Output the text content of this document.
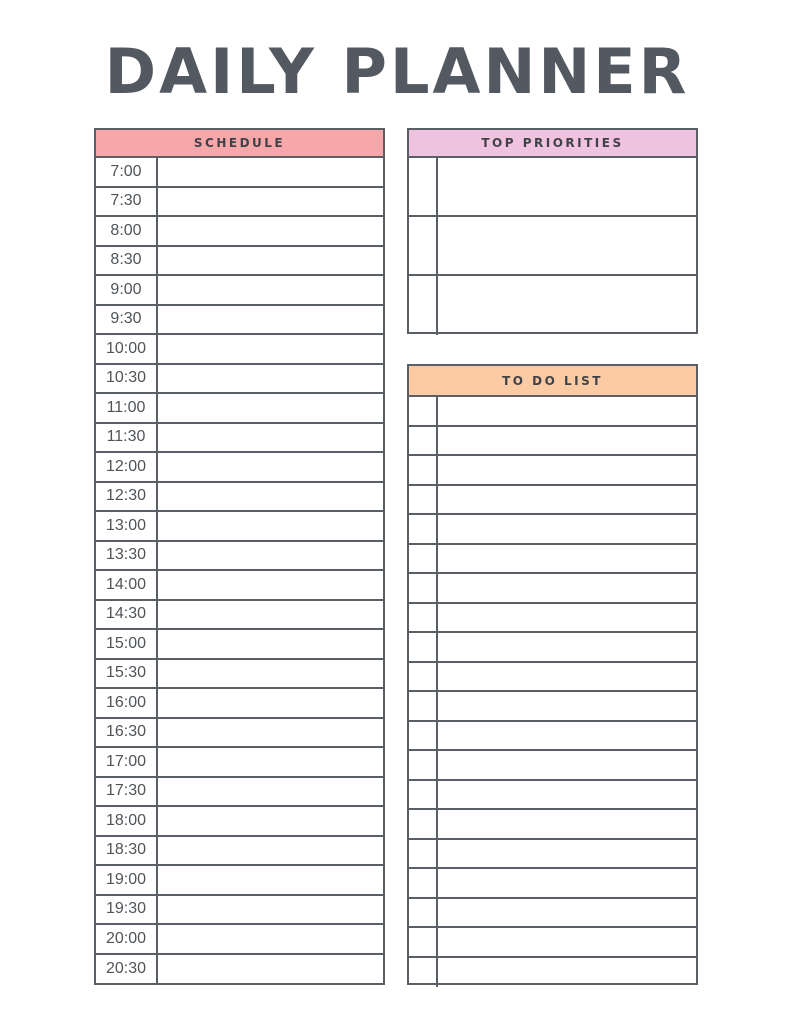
DAILY PLANNER
SCHEDULE
7:00
7:30
8:00
8:30
9:00
9:30
10:00
10:30
11:00
11:30
12:00
12:30
13:00
13:30
14:00
14:30
15:00
15:30
16:00
16:30
17:00
17:30
18:00
18:30
19:00
19:30
20:00
20:30
TOP PRIORITIES
TO DO LIST
